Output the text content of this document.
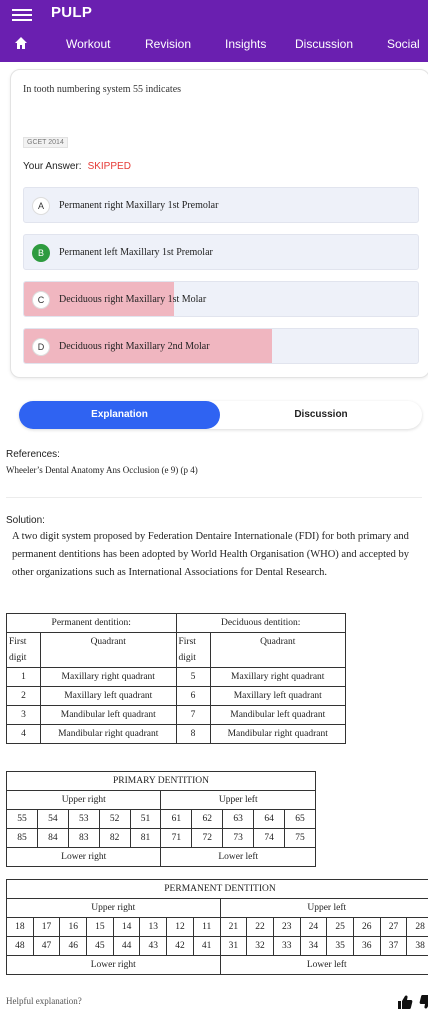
PULP
Workout	Revision	Insights Discussion	Social
In tooth numbering system 55 indicates
GCET 2014
Your Answer: SKIPPED
A	Permanent right Maxillary 1st Premolar
B	Permanent left Maxillary 1st Premolar
C	Deciduous right Maxillary 1st Molar
D	Deciduous right Maxillary 2nd Molar
Explanation	Discussion
References:
Wheeler’s Dental Anatomy Ans Occlusion (e 9) (p 4)
Solution:
A two digit system proposed by Federation Dentaire Internationale (FDI) for both primary and permanent dentitions has been adopted by World Health Organisation (WHO) and accepted by other organizations such as International Associations for Dental Research.
Permanent dentition:		Deciduous dentition:	
First digit	Quadrant	First digit	Quadrant
1	Maxillary right quadrant	5	Maxillary right quadrant
2	Maxillary left quadrant	6	Maxillary left quadrant
3	Mandibular left quadrant	7	Mandibular left quadrant
4	Mandibular right quadrant	8	Mandibular right quadrant
PRIMARY DENTITION									
Upper right					Upper left				
55	54	53	52	51	61	62	63	64	65
85	84	83	82	81	71	72	73	74	75
Lower right					Lower left				
PERMANENT DENTITION															
Upper right								Upper left							
18	17	16	15	14	13	12	11	21	22	23	24	25	26	27	28
48	47	46	45	44	43	42	41	31	32	33	34	35	36	37	38
Lower right								Lower left							
Helpful explanation?
